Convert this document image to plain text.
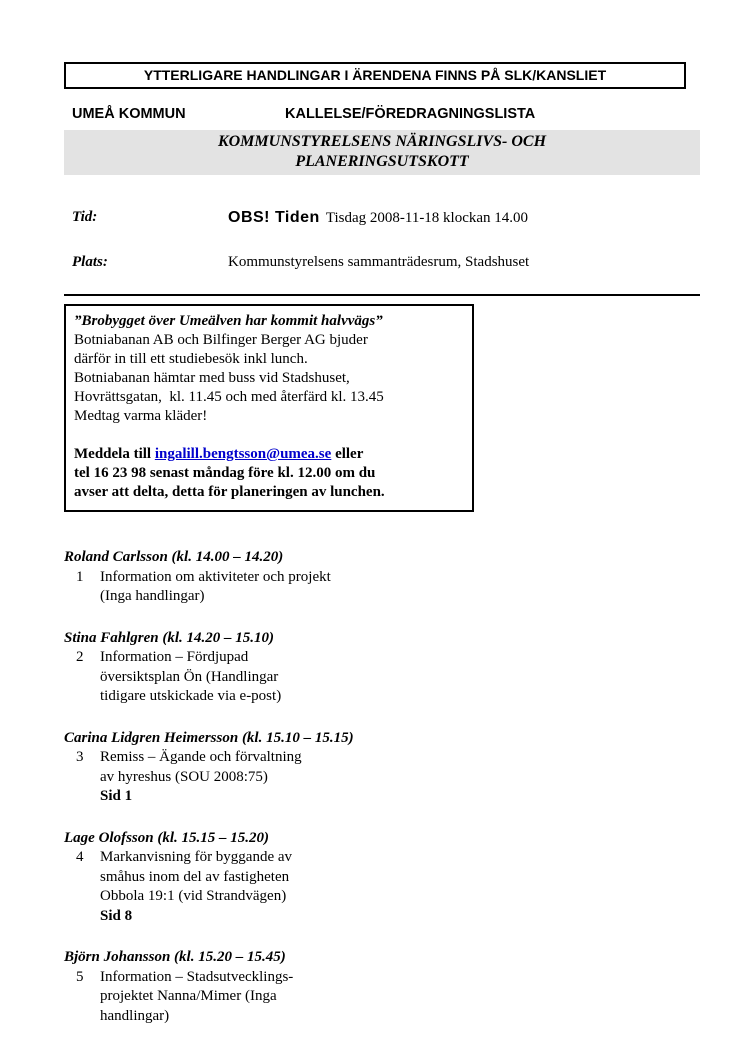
YTTERLIGARE HANDLINGAR I ÄRENDENA FINNS PÅ SLK/KANSLIET
UMEÅ KOMMUN	KALLELSE/FÖREDRAGNINGSLISTA
KOMMUNSTYRELSENS NÄRINGSLIVS- OCH
PLANERINGSUTSKOTT
Tid:	OBS! Tiden Tisdag 2008-11-18 klockan 14.00
Plats:	Kommunstyrelsens sammanträdesrum, Stadshuset
”Brobygget över Umeälven har kommit halvvägs”
Botniabanan AB och Bilfinger Berger AG bjuder
därför in till ett studiebesök inkl lunch.
Botniabanan hämtar med buss vid Stadshuset,
Hovrättsgatan,  kl. 11.45 och med återfärd kl. 13.45
Medtag varma kläder!
Meddela till ingalill.bengtsson@umea.se eller
tel 16 23 98 senast måndag före kl. 12.00 om du
avser att delta, detta för planeringen av lunchen.
Roland Carlsson (kl. 14.00 – 14.20)
1	Information om aktiviteter och projekt
(Inga handlingar)
Stina Fahlgren (kl. 14.20 – 15.10)
2	Information – Fördjupad
översiktsplan Ön (Handlingar
tidigare utskickade via e-post)
Carina Lidgren Heimersson (kl. 15.10 – 15.15)
3	Remiss – Ägande och förvaltning
av hyreshus (SOU 2008:75)
Sid 1
Lage Olofsson (kl. 15.15 – 15.20)
4	Markanvisning för byggande av
småhus inom del av fastigheten
Obbola 19:1 (vid Strandvägen)
Sid 8
Björn Johansson (kl. 15.20 – 15.45)
5	Information – Stadsutvecklings-
projektet Nanna/Mimer (Inga
handlingar)
